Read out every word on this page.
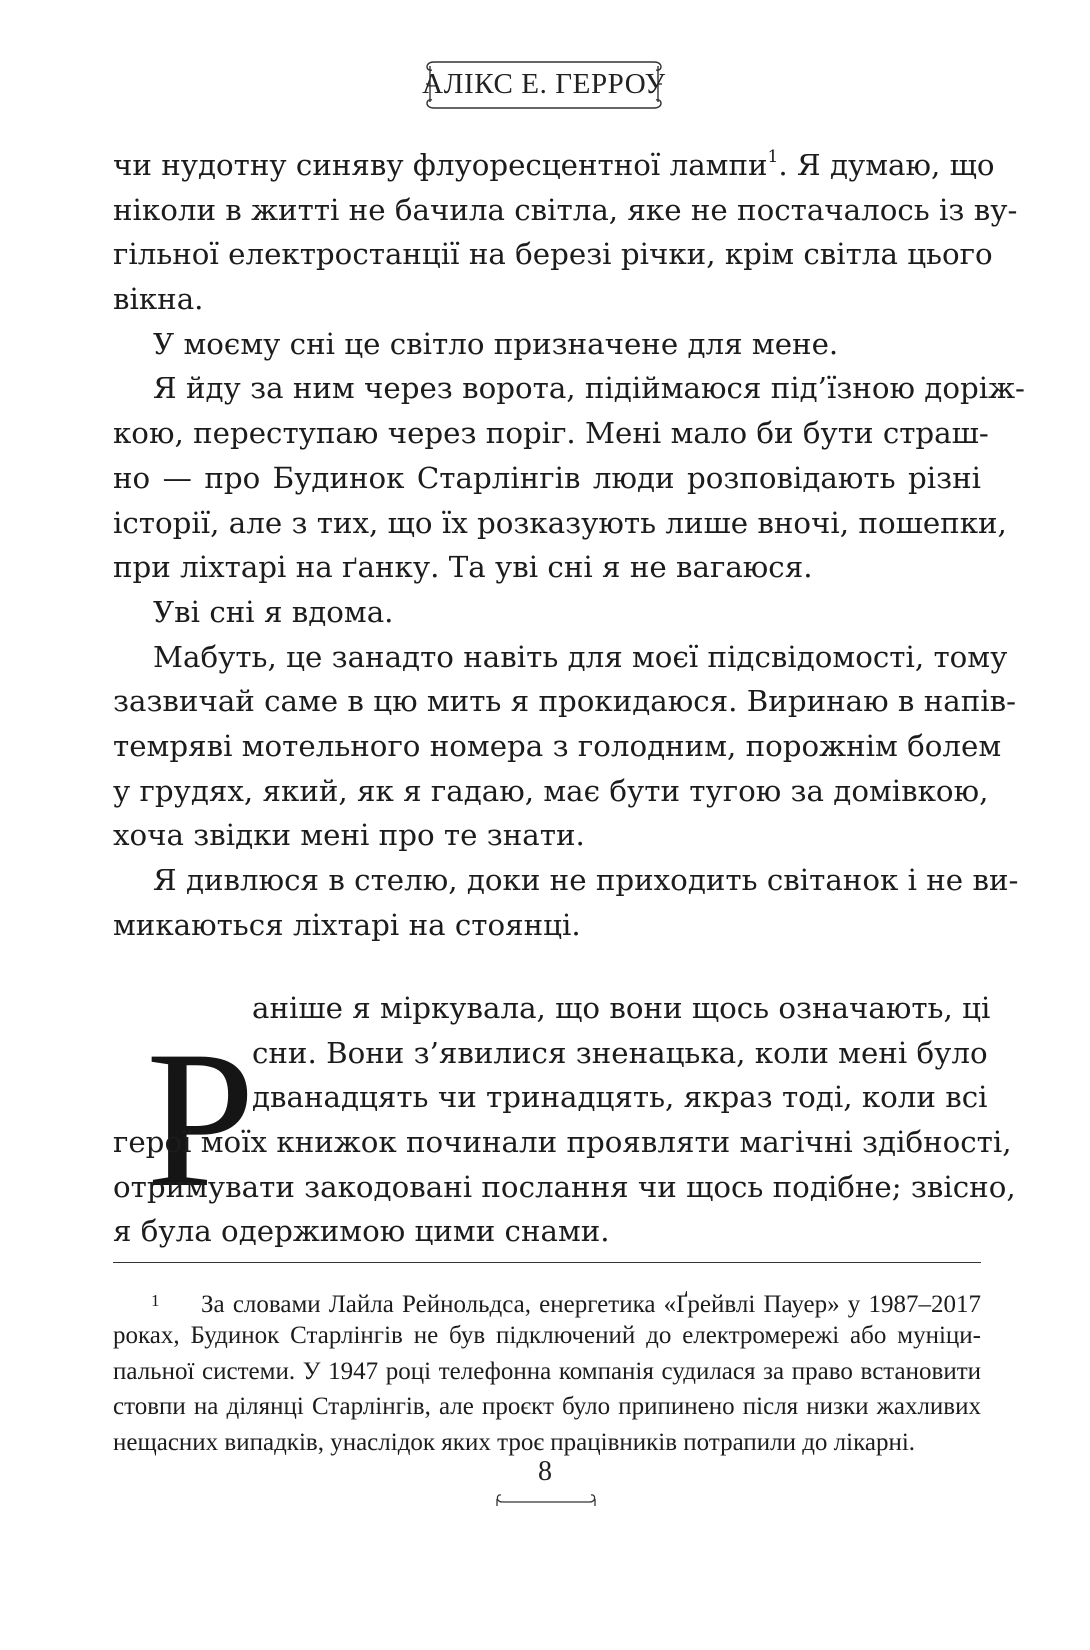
АЛІКС Е. ГЕРРОУ
чи нудотну синяву флуоресцентної лампи$^1$. Я думаю, що
ніколи в житті не бачила світла, яке не постачалось із ву-
гільної електростанції на березі річки, крім світла цього
вікна.
У моєму сні це світло призначене для мене.
Я йду за ним через ворота, підіймаюся під’їзною доріж-
кою, переступаю через поріг. Мені мало би бути страш-
но — про Будинок Старлінгів люди розповідають різні
історії, але з тих, що їх розказують лише вночі, пошепки,
при ліхтарі на ґанку. Та уві сні я не вагаюся.
Уві сні я вдома.
Мабуть, це занадто навіть для моєї підсвідомості, тому
зазвичай саме в цю мить я прокидаюся. Виринаю в напів-
темряві мотельного номера з голодним, порожнім болем
у грудях, який, як я гадаю, має бути тугою за домівкою,
хоча звідки мені про те знати.
Я дивлюся в стелю, доки не приходить світанок і не ви-
микаються ліхтарі на стоянці.
Р
аніше я міркувала, що вони щось означають, ці
сни. Вони з’явилися зненацька, коли мені було
дванадцять чи тринадцять, якраз тоді, коли всі
герої моїх книжок починали проявляти магічні здібності,
отримувати закодовані послання чи щось подібне; звісно,
я була одержимою цими снами.
1 За словами Лайла Рейнольдса, енергетика «Ґрейвлі Пауер» у 1987–2017
роках, Будинок Старлінгів не був підключений до електромережі або муніци-
пальної системи. У 1947 році телефонна компанія судилася за право встановити
стовпи на ділянці Старлінгів, але проєкт було припинено після низки жахливих
нещасних випадків, унаслідок яких троє працівників потрапили до лікарні.
8
